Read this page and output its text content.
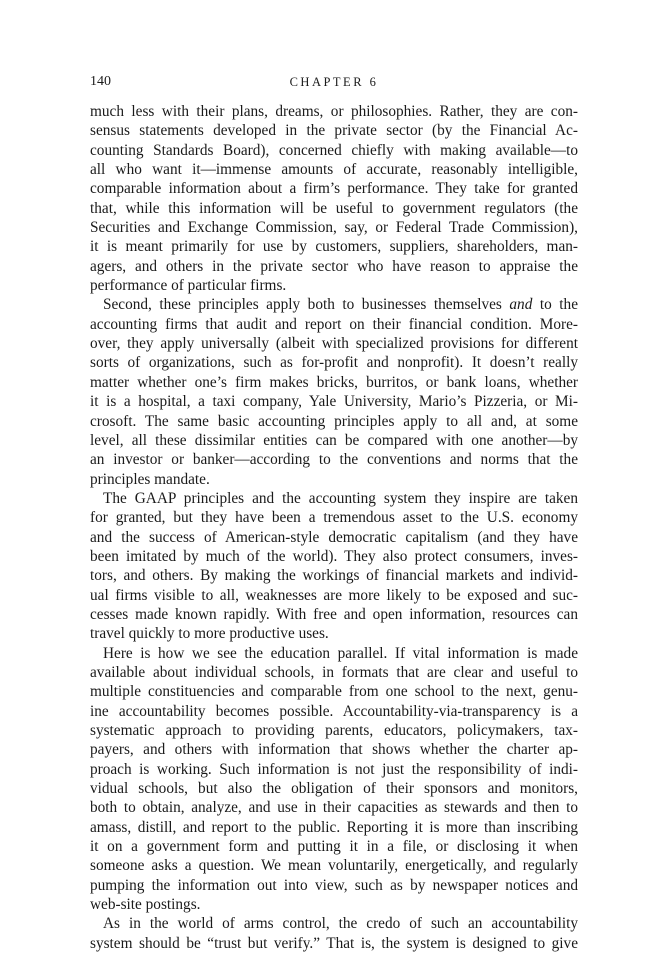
140	CHAPTER 6
much less with their plans, dreams, or philosophies. Rather, they are con-
sensus statements developed in the private sector (by the Financial Ac-
counting Standards Board), concerned chiefly with making available—to
all who want it—immense amounts of accurate, reasonably intelligible,
comparable information about a firm’s performance. They take for granted
that, while this information will be useful to government regulators (the
Securities and Exchange Commission, say, or Federal Trade Commission),
it is meant primarily for use by customers, suppliers, shareholders, man-
agers, and others in the private sector who have reason to appraise the
performance of particular firms.
Second, these principles apply both to businesses themselves and to the
accounting firms that audit and report on their financial condition. More-
over, they apply universally (albeit with specialized provisions for different
sorts of organizations, such as for-profit and nonprofit). It doesn’t really
matter whether one’s firm makes bricks, burritos, or bank loans, whether
it is a hospital, a taxi company, Yale University, Mario’s Pizzeria, or Mi-
crosoft. The same basic accounting principles apply to all and, at some
level, all these dissimilar entities can be compared with one another—by
an investor or banker—according to the conventions and norms that the
principles mandate.
The GAAP principles and the accounting system they inspire are taken
for granted, but they have been a tremendous asset to the U.S. economy
and the success of American-style democratic capitalism (and they have
been imitated by much of the world). They also protect consumers, inves-
tors, and others. By making the workings of financial markets and individ-
ual firms visible to all, weaknesses are more likely to be exposed and suc-
cesses made known rapidly. With free and open information, resources can
travel quickly to more productive uses.
Here is how we see the education parallel. If vital information is made
available about individual schools, in formats that are clear and useful to
multiple constituencies and comparable from one school to the next, genu-
ine accountability becomes possible. Accountability-via-transparency is a
systematic approach to providing parents, educators, policymakers, tax-
payers, and others with information that shows whether the charter ap-
proach is working. Such information is not just the responsibility of indi-
vidual schools, but also the obligation of their sponsors and monitors,
both to obtain, analyze, and use in their capacities as stewards and then to
amass, distill, and report to the public. Reporting it is more than inscribing
it on a government form and putting it in a file, or disclosing it when
someone asks a question. We mean voluntarily, energetically, and regularly
pumping the information out into view, such as by newspaper notices and
web-site postings.
As in the world of arms control, the credo of such an accountability
system should be “trust but verify.” That is, the system is designed to give
